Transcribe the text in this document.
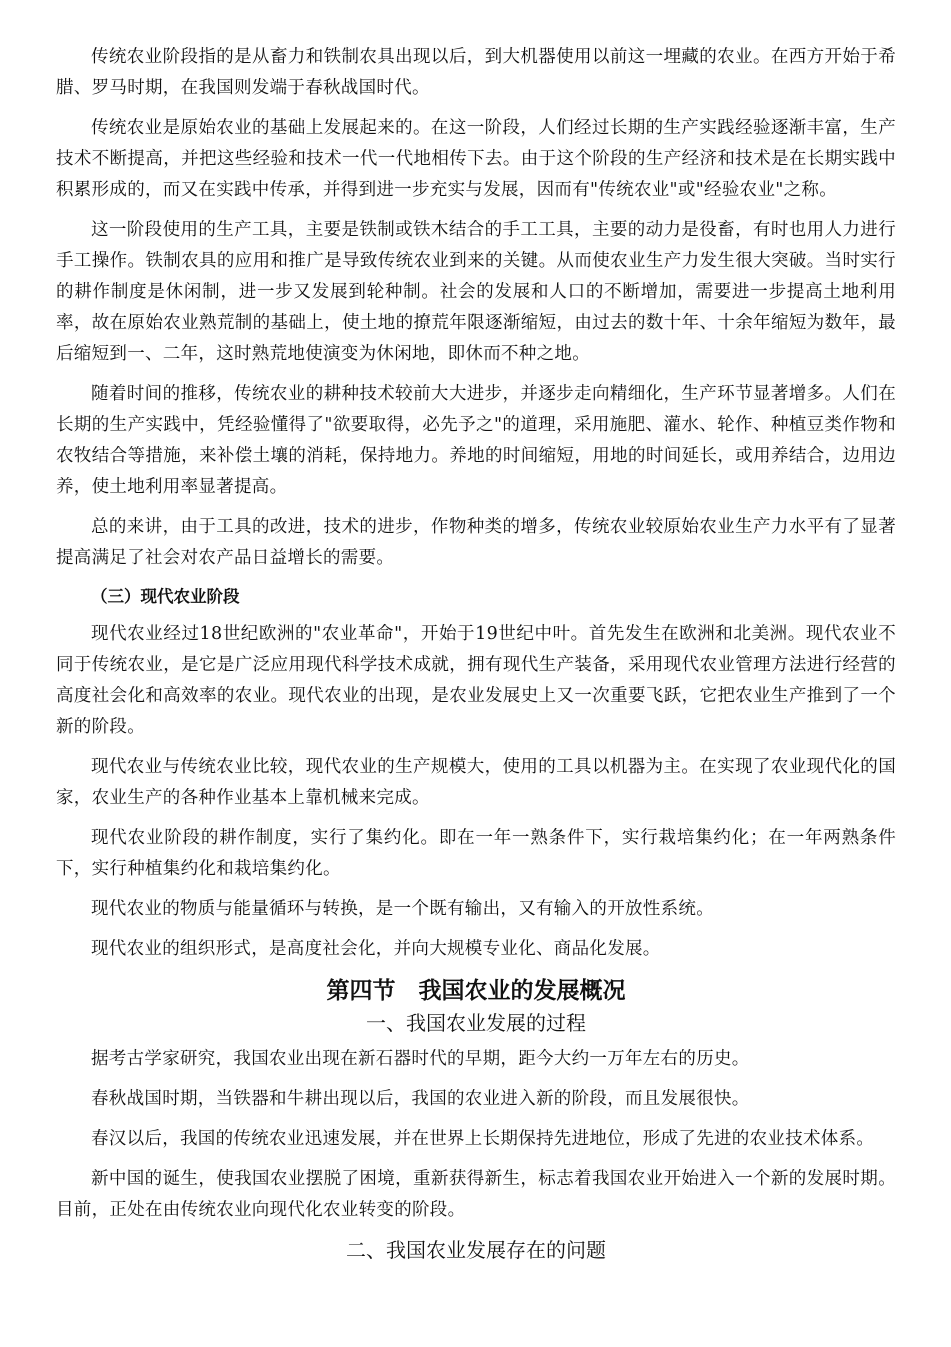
传统农业阶段指的是从畜力和铁制农具出现以后，到大机器使用以前这一埋藏的农业。在西方开始于希腊、罗马时期，在我国则发端于春秋战国时代。

传统农业是原始农业的基础上发展起来的。在这一阶段，人们经过长期的生产实践经验逐渐丰富，生产技术不断提高，并把这些经验和技术一代一代地相传下去。由于这个阶段的生产经济和技术是在长期实践中积累形成的，而又在实践中传承，并得到进一步充实与发展，因而有"传统农业"或"经验农业"之称。

这一阶段使用的生产工具，主要是铁制或铁木结合的手工工具，主要的动力是役畜，有时也用人力进行手工操作。铁制农具的应用和推广是导致传统农业到来的关键。从而使农业生产力发生很大突破。当时实行的耕作制度是休闲制，进一步又发展到轮种制。社会的发展和人口的不断增加，需要进一步提高土地利用率，故在原始农业熟荒制的基础上，使土地的撩荒年限逐渐缩短，由过去的数十年、十余年缩短为数年，最后缩短到一、二年，这时熟荒地使演变为休闲地，即休而不种之地。

随着时间的推移，传统农业的耕种技术较前大大进步，并逐步走向精细化，生产环节显著增多。人们在长期的生产实践中，凭经验懂得了"欲要取得，必先予之"的道理，采用施肥、灌水、轮作、种植豆类作物和农牧结合等措施，来补偿土壤的消耗，保持地力。养地的时间缩短，用地的时间延长，或用养结合，边用边养，使土地利用率显著提高。

总的来讲，由于工具的改进，技术的进步，作物种类的增多，传统农业较原始农业生产力水平有了显著提高满足了社会对农产品日益增长的需要。

（三）现代农业阶段

现代农业经过18世纪欧洲的"农业革命"，开始于19世纪中叶。首先发生在欧洲和北美洲。现代农业不同于传统农业，是它是广泛应用现代科学技术成就，拥有现代生产装备，采用现代农业管理方法进行经营的高度社会化和高效率的农业。现代农业的出现，是农业发展史上又一次重要飞跃，它把农业生产推到了一个新的阶段。

现代农业与传统农业比较，现代农业的生产规模大，使用的工具以机器为主。在实现了农业现代化的国家，农业生产的各种作业基本上靠机械来完成。

现代农业阶段的耕作制度，实行了集约化。即在一年一熟条件下，实行栽培集约化；在一年两熟条件下，实行种植集约化和栽培集约化。

现代农业的物质与能量循环与转换，是一个既有输出，又有输入的开放性系统。

现代农业的组织形式，是高度社会化，并向大规模专业化、商品化发展。

第四节　我国农业的发展概况
一、我国农业发展的过程

据考古学家研究，我国农业出现在新石器时代的早期，距今大约一万年左右的历史。

春秋战国时期，当铁器和牛耕出现以后，我国的农业进入新的阶段，而且发展很快。

春汉以后，我国的传统农业迅速发展，并在世界上长期保持先进地位，形成了先进的农业技术体系。

新中国的诞生，使我国农业摆脱了困境，重新获得新生，标志着我国农业开始进入一个新的发展时期。目前，正处在由传统农业向现代化农业转变的阶段。

二、我国农业发展存在的问题
